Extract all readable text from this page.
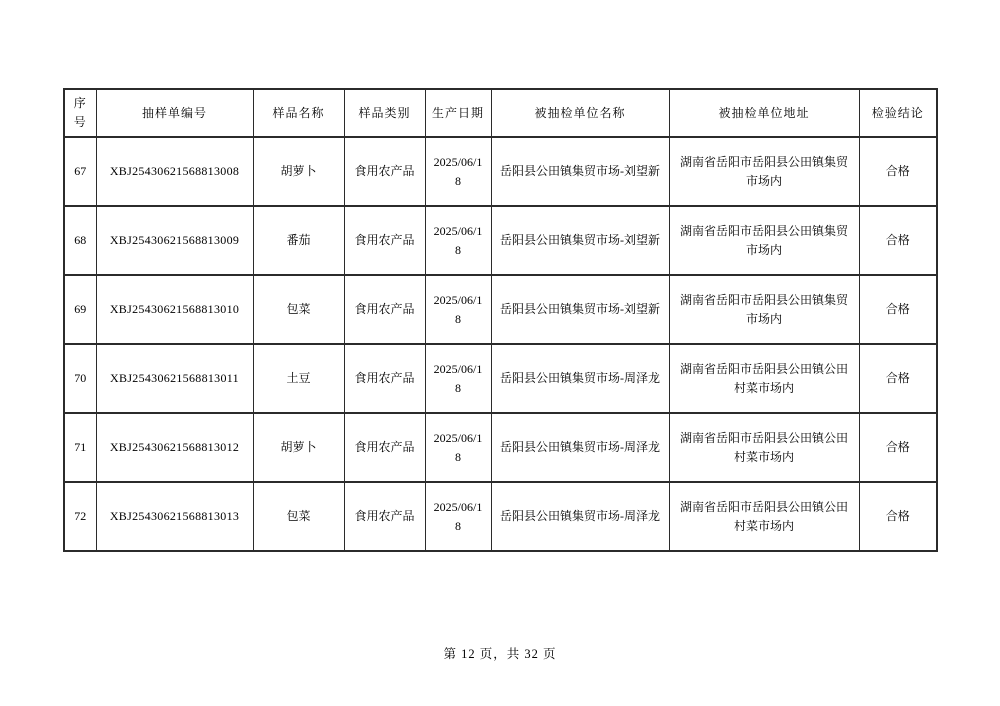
序号	抽样单编号	样品名称	样品类别	生产日期	被抽检单位名称	被抽检单位地址	检验结论
67	XBJ25430621568813008	胡萝卜	食用农产品	2025/06/18	岳阳县公田镇集贸市场-刘望新	湖南省岳阳市岳阳县公田镇集贸市场内	合格
68	XBJ25430621568813009	番茄	食用农产品	2025/06/18	岳阳县公田镇集贸市场-刘望新	湖南省岳阳市岳阳县公田镇集贸市场内	合格
69	XBJ25430621568813010	包菜	食用农产品	2025/06/18	岳阳县公田镇集贸市场-刘望新	湖南省岳阳市岳阳县公田镇集贸市场内	合格
70	XBJ25430621568813011	土豆	食用农产品	2025/06/18	岳阳县公田镇集贸市场-周泽龙	湖南省岳阳市岳阳县公田镇公田村菜市场内	合格
71	XBJ25430621568813012	胡萝卜	食用农产品	2025/06/18	岳阳县公田镇集贸市场-周泽龙	湖南省岳阳市岳阳县公田镇公田村菜市场内	合格
72	XBJ25430621568813013	包菜	食用农产品	2025/06/18	岳阳县公田镇集贸市场-周泽龙	湖南省岳阳市岳阳县公田镇公田村菜市场内	合格
第 12 页，共 32 页
